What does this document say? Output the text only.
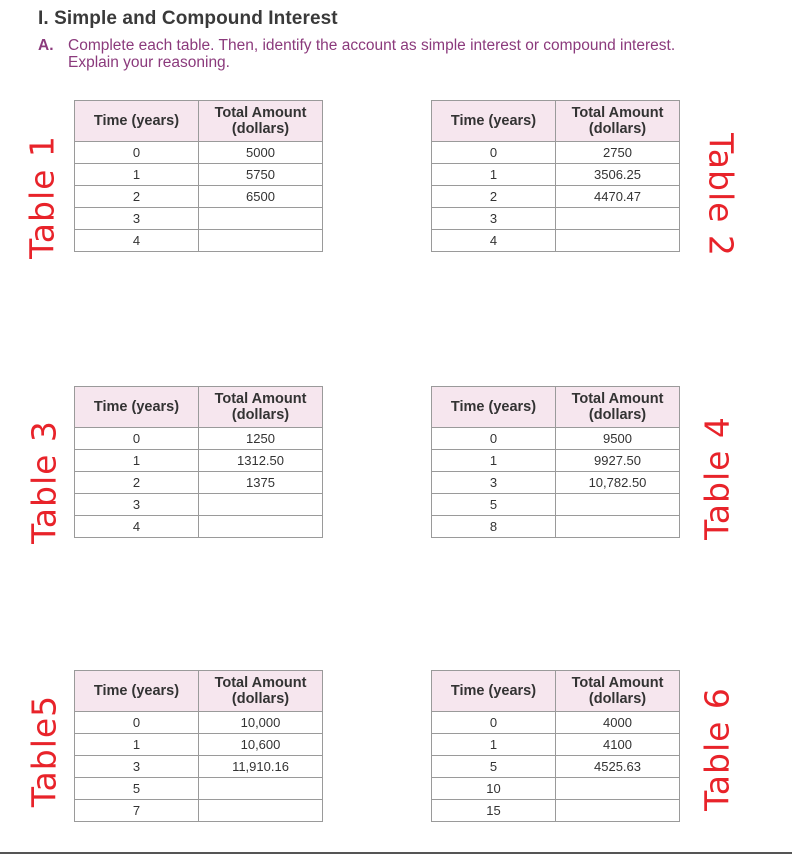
I. Simple and Compound Interest
A. Complete each table. Then, identify the account as simple interest or compound interest.
Explain your reasoning.
Time (years)	Total Amount
(dollars)
0	5000
1	5750
2	6500
3	
4	
Time (years)	Total Amount
(dollars)
0	2750
1	3506.25
2	4470.47
3	
4	
Time (years)	Total Amount
(dollars)
0	1250
1	1312.50
2	1375
3	
4	
Time (years)	Total Amount
(dollars)
0	9500
1	9927.50
3	10,782.50
5	
8	
Time (years)	Total Amount
(dollars)
0	10,000
1	10,600
3	11,910.16
5	
7	
Time (years)	Total Amount
(dollars)
0	4000
1	4100
5	4525.63
10	
15	
Table 1	Table 2
Table 3	Table 4
Table5	Table 6
